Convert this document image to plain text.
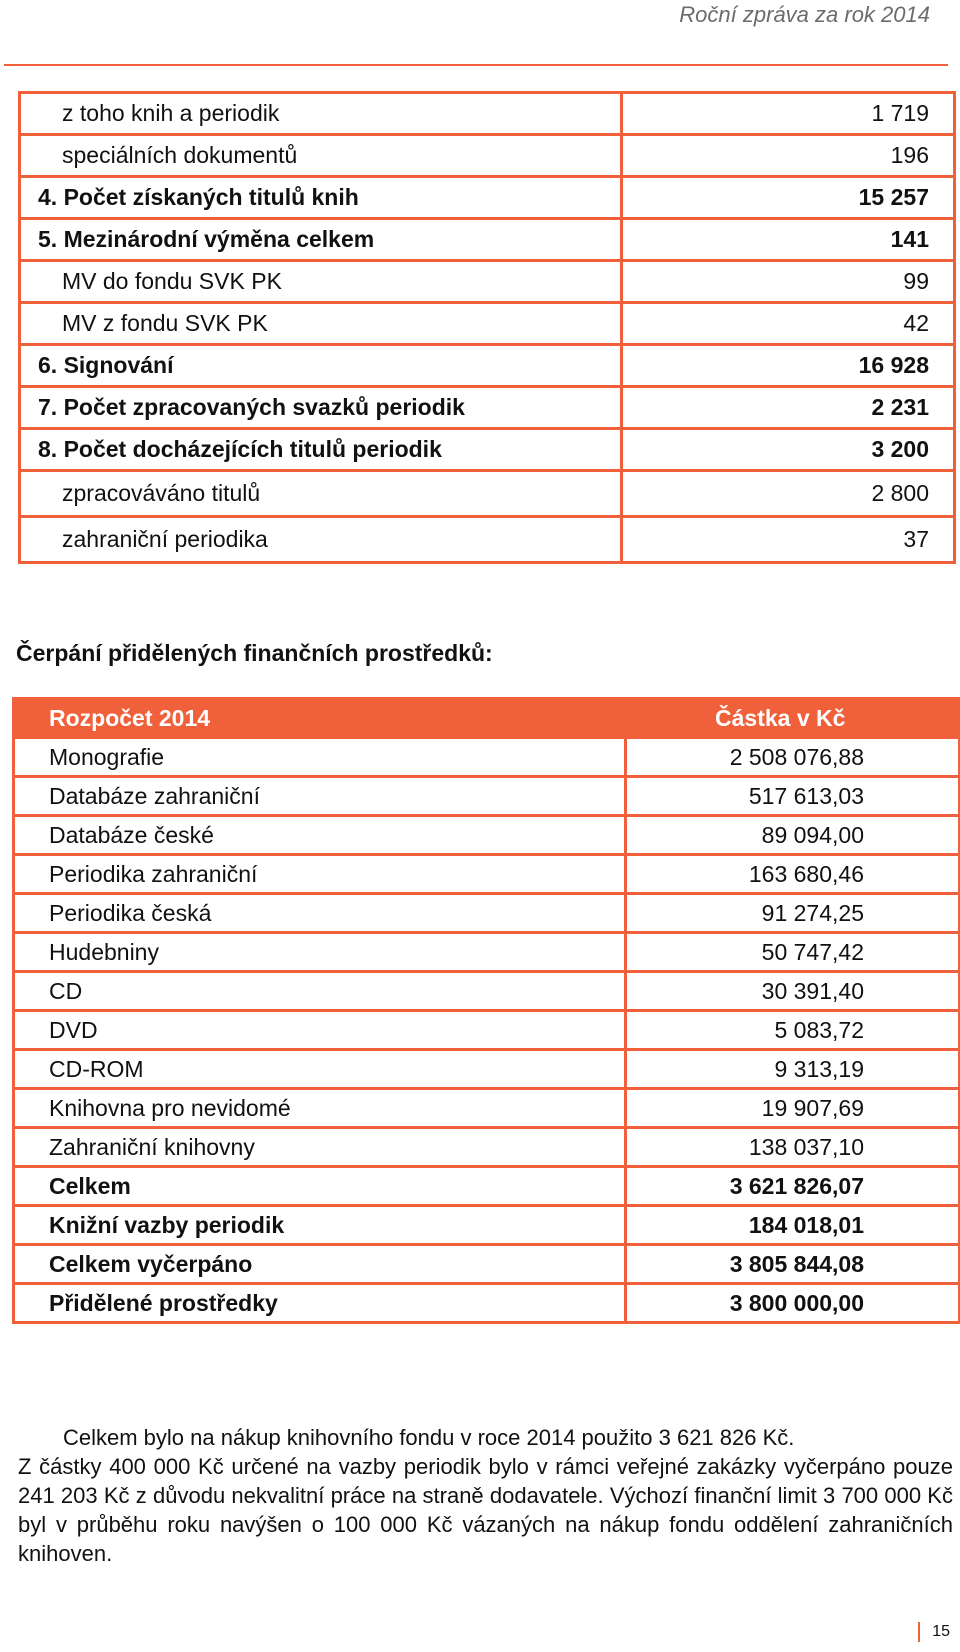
Roční zpráva za rok 2014
z toho knih a periodik	1 719
speciálních dokumentů	196
4. Počet získaných titulů knih	15 257
5. Mezinárodní výměna celkem	141
MV do fondu SVK PK	99
MV z fondu SVK PK	42
6. Signování	16 928
7. Počet zpracovaných svazků periodik	2 231
8. Počet docházejících titulů periodik	3 200
zpracováváno titulů	2 800
zahraniční periodika	37
Čerpání přidělených finančních prostředků:
Rozpočet 2014	Částka v Kč
Monografie	2 508 076,88
Databáze zahraniční	517 613,03
Databáze české	89 094,00
Periodika zahraniční	163 680,46
Periodika česká	91 274,25
Hudebniny	50 747,42
CD	30 391,40
DVD	5 083,72
CD-ROM	9 313,19
Knihovna pro nevidomé	19 907,69
Zahraniční knihovny	138 037,10
Celkem	3 621 826,07
Knižní vazby periodik	184 018,01
Celkem vyčerpáno	3 805 844,08
Přidělené prostředky	3 800 000,00

Celkem bylo na nákup knihovního fondu v roce 2014 použito 3 621 826 Kč.
Z částky 400 000 Kč určené na vazby periodik bylo v rámci veřejné zakázky vyčerpáno pouze 241 203 Kč z důvodu nekvalitní práce na straně dodavatele. Výchozí finanční limit 3 700 000 Kč byl v průběhu roku navýšen o 100 000 Kč vázaných na nákup fondu oddělení zahraničních knihoven.

15
